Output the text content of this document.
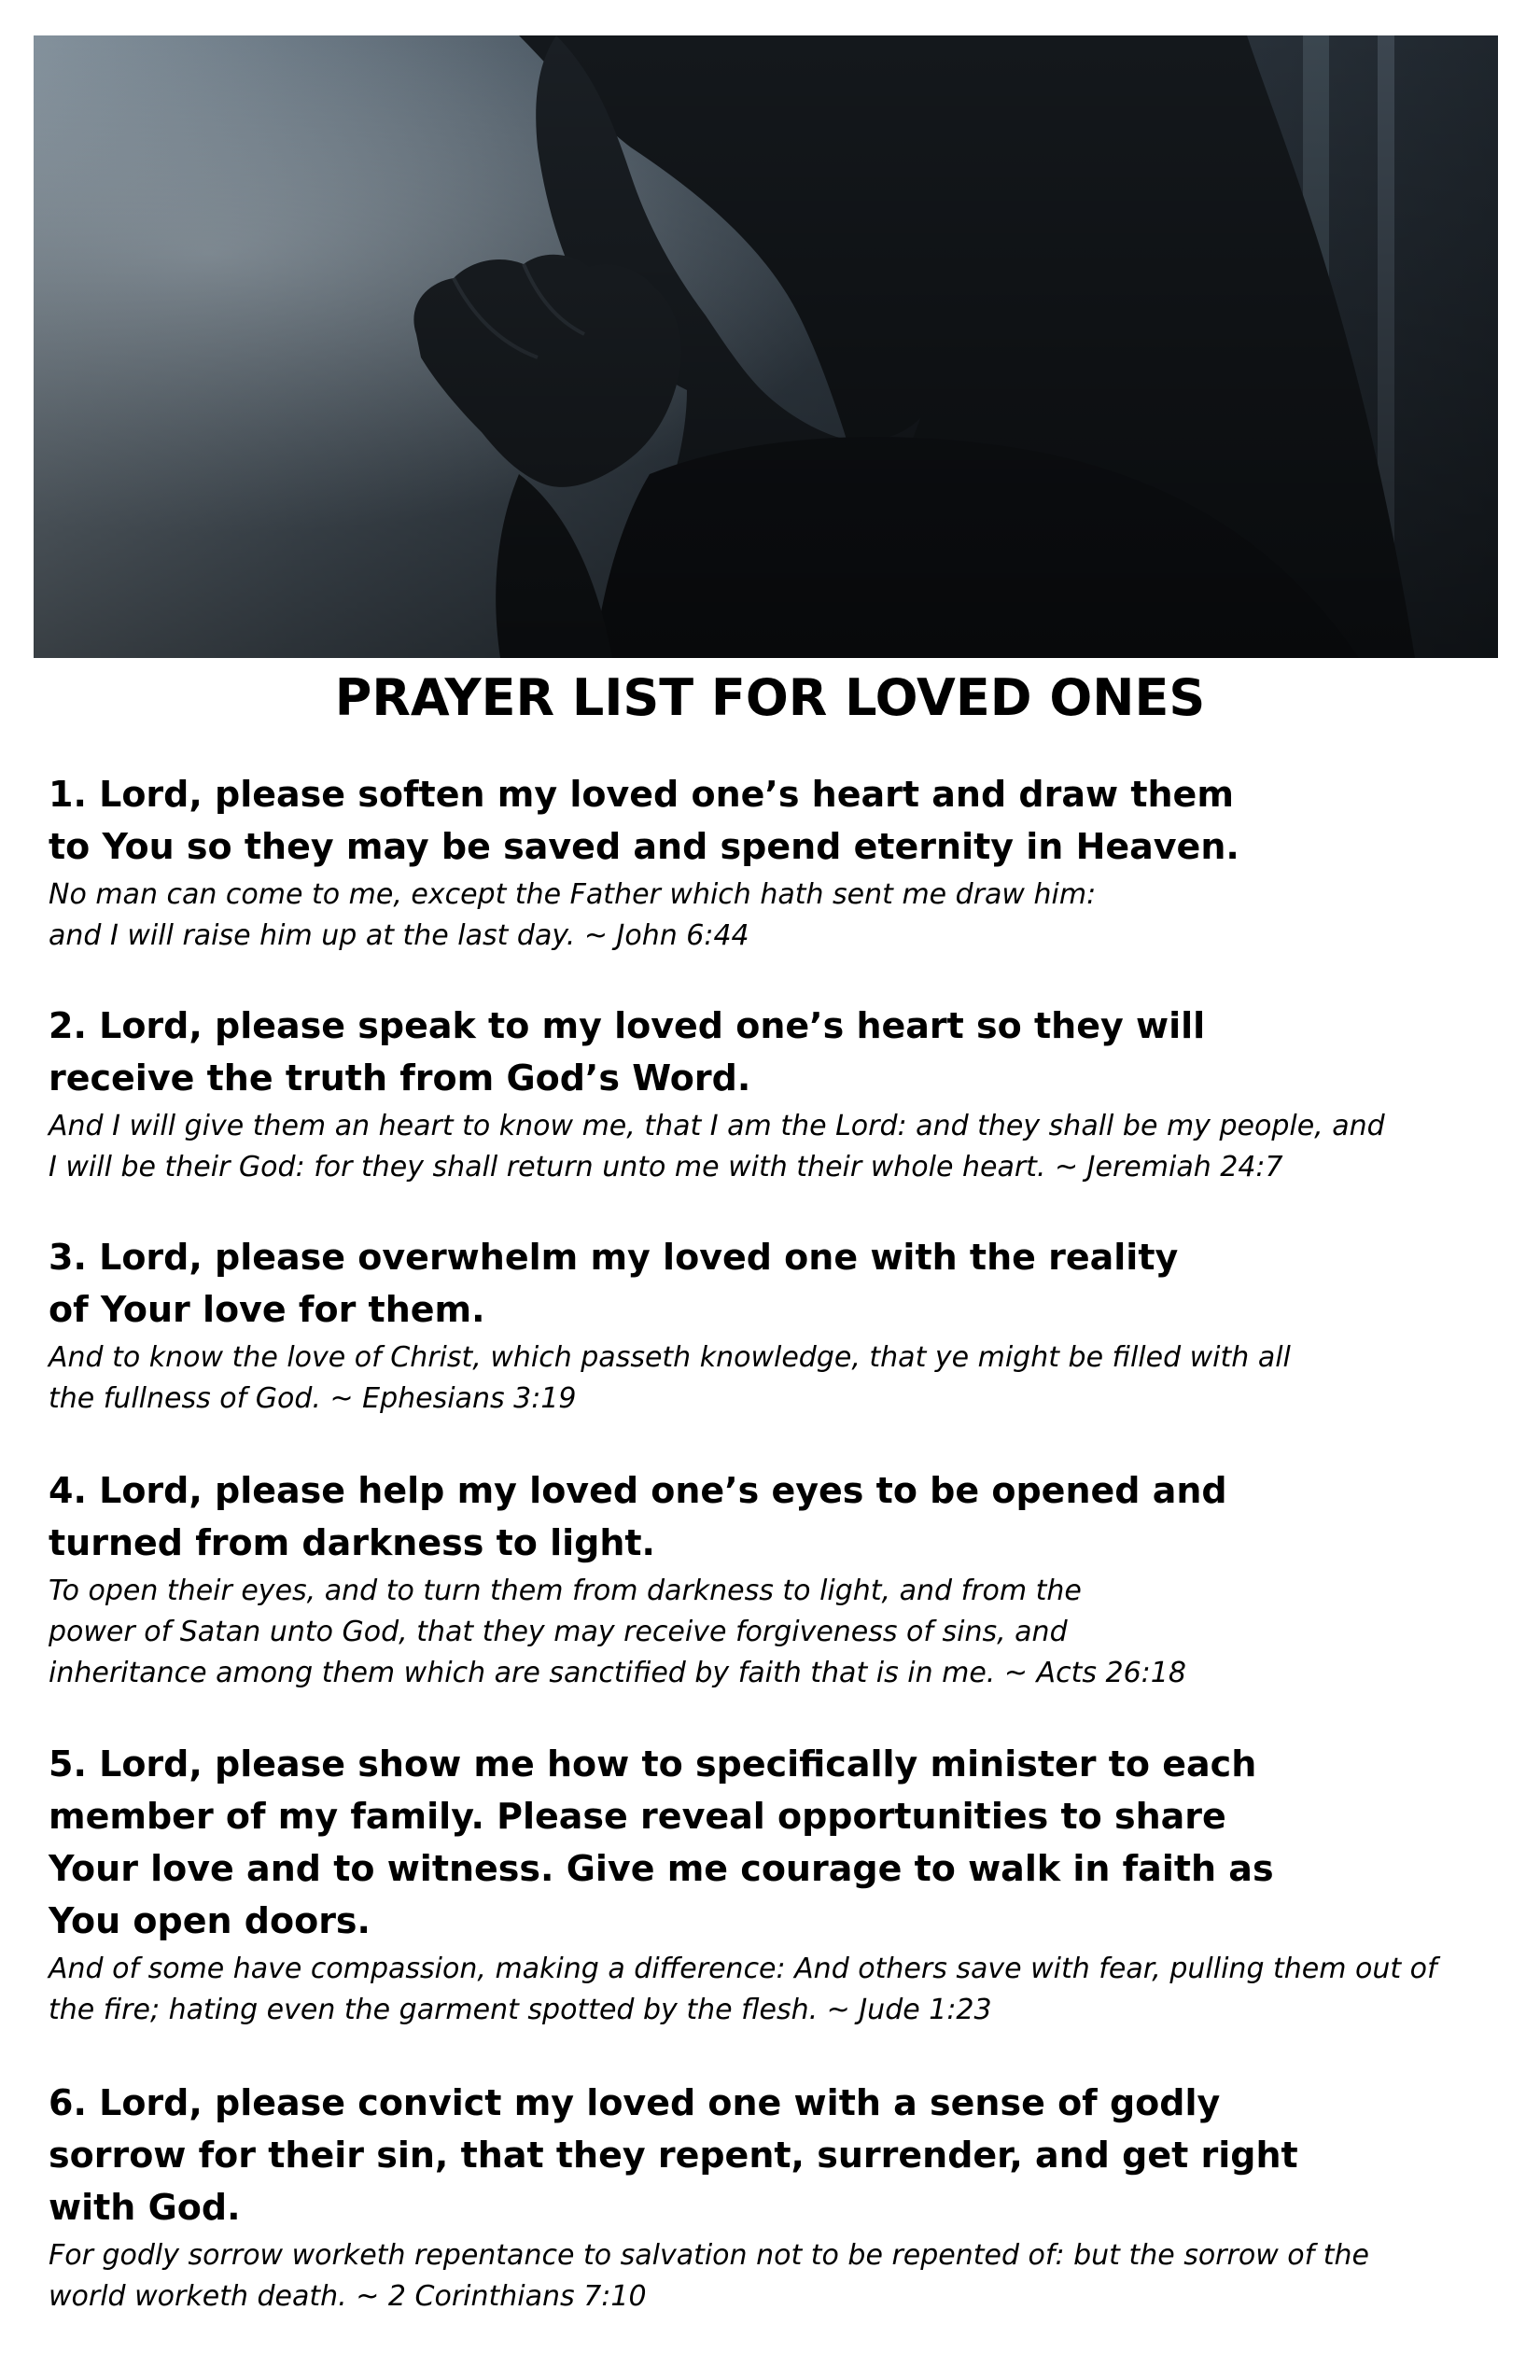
PRAYER LIST FOR LOVED ONES

1. Lord, please soften my loved one’s heart and draw them
to You so they may be saved and spend eternity in Heaven.

No man can come to me, except the Father which hath sent me draw him:
and I will raise him up at the last day. ~ John 6:44

2. Lord, please speak to my loved one’s heart so they will
receive the truth from God’s Word.

And I will give them an heart to know me, that I am the Lord: and they shall be my people, and
I will be their God: for they shall return unto me with their whole heart. ~ Jeremiah 24:7

3. Lord, please overwhelm my loved one with the reality
of Your love for them.

And to know the love of Christ, which passeth knowledge, that ye might be filled with all
the fullness of God. ~ Ephesians 3:19

4. Lord, please help my loved one’s eyes to be opened and
turned from darkness to light.

To open their eyes, and to turn them from darkness to light, and from the
power of Satan unto God, that they may receive forgiveness of sins, and
inheritance among them which are sanctified by faith that is in me. ~ Acts 26:18

5. Lord, please show me how to specifically minister to each
member of my family. Please reveal opportunities to share
Your love and to witness. Give me courage to walk in faith as
You open doors.

And of some have compassion, making a difference: And others save with fear, pulling them out of
the fire; hating even the garment spotted by the flesh. ~ Jude 1:23

6. Lord, please convict my loved one with a sense of godly
sorrow for their sin, that they repent, surrender, and get right
with God.

For godly sorrow worketh repentance to salvation not to be repented of: but the sorrow of the
world worketh death. ~ 2 Corinthians 7:10
